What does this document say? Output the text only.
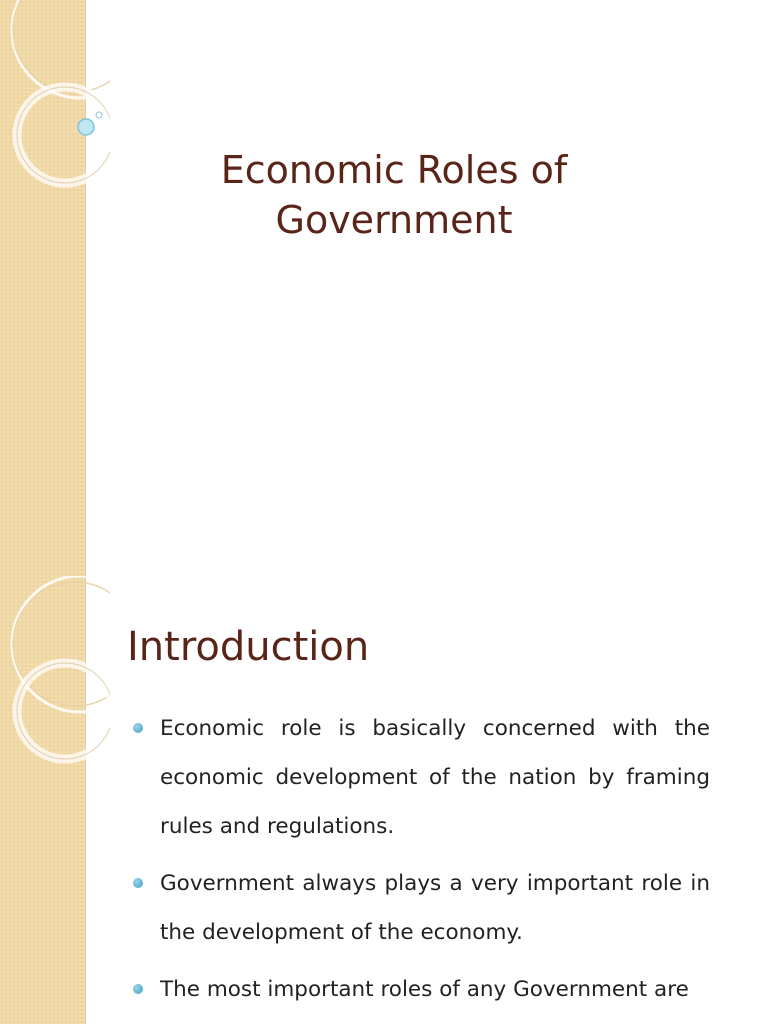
Economic Roles of
Government
Introduction
Economic role is basically concerned with the economic development of the nation by framing rules and regulations.
Government always plays a very important role in the development of the economy.
The most important roles of any Government are
